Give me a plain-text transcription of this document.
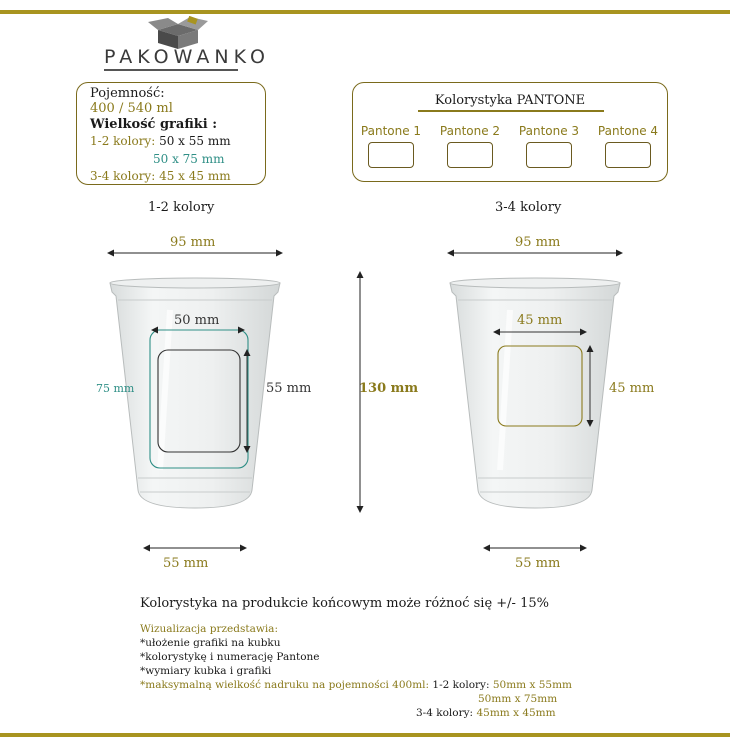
PAKOWANKO
Pojemność:
400 / 540 ml
Wielkość grafiki :
1-2 kolory: 50 x 55 mm
50 x 75 mm
3-4 kolory: 45 x 45 mm
Kolorystyka PANTONE
Pantone 1	Pantone 2	Pantone 3	Pantone 4
1-2 kolory	3-4 kolory
95 mm	95 mm
50 mm
75 mm	55 mm
45 mm
45 mm
130 mm
55 mm	55 mm
Kolorystyka na produkcie końcowym może różnoć się +/- 15%
Wizualizacja przedstawia:
*ułożenie grafiki na kubku
*kolorystykę i numerację Pantone
*wymiary kubka i grafiki
*maksymalną wielkość nadruku na pojemności 400ml: 1-2 kolory: 50mm x 55mm
50mm x 75mm
3-4 kolory: 45mm x 45mm
